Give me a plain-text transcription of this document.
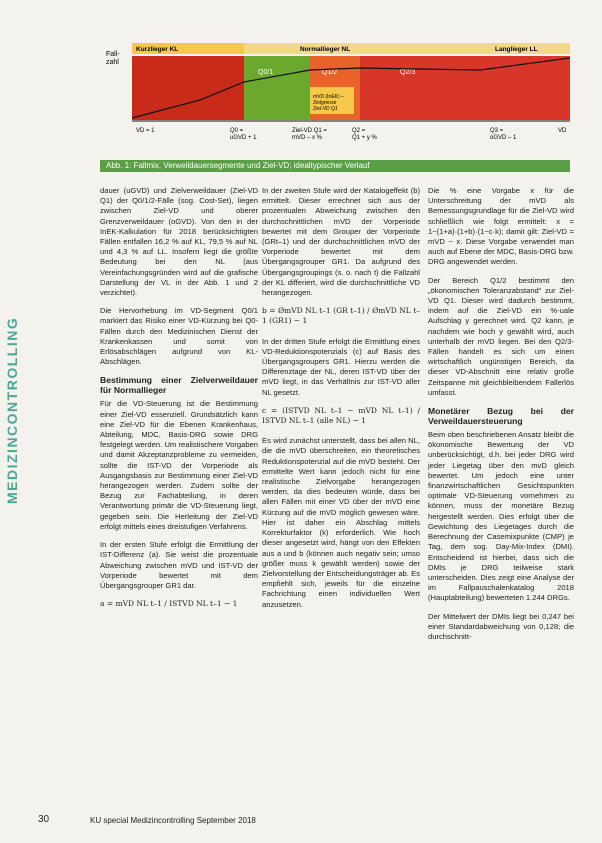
MEDIZINCONTROLLING
Fall-zahl
Kurzlieger KL	Normallieger NL	Langlieger LL
Q0/1	Q1/2	Q2/3
mVD (InEK) – Zielgrenze Ziel-VD Q1
VD = 1	Q0 = uGVD + 1
Ziel-VD Q1 = mVD – x %
Q2 = Q1 + y %
Q3 = oGVD – 1
VD
Abb. 1: Fallmix, Verweildauersegmente und Ziel-VD; idealtypischer Verlauf

dauer (uGVD) und Zielverweildauer (Ziel-VD Q1) der Q0/1/2-Fälle (sog. Cost-Set), liegen zwischen Ziel-VD und oberer Grenzverweildauer (oGVD). Von den in der InEK-Kalkulation für 2018 berücksichtigten Fällen entfallen 16,2 % auf KL, 79,5 % auf NL und 4,3 % auf LL. Insofern liegt die größte Bedeutung bei den NL (aus Vereinfachungsgründen wird auf die grafische Darstellung der VL in der Abb. 1 und 2 verzichtet).

Die Hervorhebung im VD-Segment Q0/1 markiert das Risiko einer VD-Kürzung bei Q0-Fällen durch den Medizinischen Dienst der Krankenkassen und somit von Erlösabschlägen aufgrund von KL-Abschlägen.

Bestimmung einer Zielverweildauer für Normallieger

Für die VD-Steuerung ist die Bestimmung einer Ziel-VD essenziell. Grundsätzlich kann eine Ziel-VD für die Ebenen Krankenhaus, Abteilung, MDC, Basis-DRG sowie DRG festgelegt werden. Um realistischere Vorgaben und damit Akzeptanzprobleme zu vermeiden, sollte die IST-VD der Vorperiode als Ausgangsbasis zur Bestimmung einer Ziel-VD herangezogen werden. Zudem sollte der Bezug zur Fachabteilung, in deren Verantwortung primär die VD-Steuerung liegt, gegeben sein. Die Herleitung der Ziel-VD erfolgt mittels eines dreistufigen Verfahrens.

In der ersten Stufe erfolgt die Ermittlung der IST-Differenz (a). Sie weist die prozentuale Abweichung zwischen mVD und IST-VD der Vorperiode bewertet mit dem Übergangsgrouper GR1 dar.

a = mVD NL t–1 / ISTVD NL t–1 − 1

In der zweiten Stufe wird der Katalogeffekt (b) ermittelt. Dieser errechnet sich aus der prozentualen Abweichung zwischen den durchschnittlichen mVD der Vorperiode bewertet mit dem Grouper der Vorperiode (GRt–1) und der durchschnittlichen mVD der Vorperiode bewertet mit dem Übergangsgrouper GR1. Da aufgrund des Übergangsgroupings (s. o. nach t) die Fallzahl der KL differiert, wird die durchschnittliche VD herangezogen.

b = ØmVD NL t–1 (GR t–1) / ØmVD NL t–1 (GR1) − 1

In der dritten Stufe erfolgt die Ermittlung eines VD-Reduktionspotenzials (c) auf Basis des Übergangsgroupers GR1. Hierzu werden die Differenztage der NL, deren IST-VD über der mVD liegt, in das Verhältnis zur IST-VD aller NL gesetzt.

c = (ISTVD NL t–1 − mVD NL t–1) / ISTVD NL t–1 (alle NL) − 1

Es wird zunächst unterstellt, dass bei allen NL, die die mVD überschreiten, ein theoretisches Reduktionspotenzial auf die mVD besteht. Der ermittelte Wert kann jedoch nicht für eine realistische Zielvorgabe herangezogen werden, da dies bedeuten würde, dass bei allen Fällen mit einer VD über der mVD eine Kürzung auf die mVD möglich gewesen wäre. Hier ist daher ein Abschlag mittels Korrekturfaktor (k) erforderlich. Wie hoch dieser angesetzt wird, hängt von den Effekten aus a und b (können auch negativ sein; umso größer muss k gewählt werden) sowie der Zielvorstellung der Entscheidungsträger ab. Es empfiehlt sich, jeweils für die einzelne Fachrichtung einen individuellen Wert anzusetzen.

Die % eine Vorgabe x für die Unterschreitung der mVD als Bemessungsgrundlage für die Ziel-VD wird schließlich wie folgt ermittelt: x = 1−(1+a)·(1+b)·(1−c·k); damit gilt: Ziel-VD = mVD − x. Diese Vorgabe verwendet man auch auf Ebene der MDC, Basis-DRG bzw. DRG angewendet werden.

Der Bereich Q1/2 bestimmt den „ökonomischen Toleranzabstand“ zur Ziel-VD Q1. Dieser wird dadurch bestimmt, indem auf die Ziel-VD ein %-uale Aufschlag y gerechnet wird. Q2 kann, je nachdem wie hoch y gewählt wird, auch unterhalb der mVD liegen. Bei den Q2/3-Fällen handelt es sich um einen wirtschaftlich ungünstigen Bereich, da dieser VD-Abschnitt eine relativ große Zeitspanne mit gleichbleibendem Fallerlös umfasst.

Monetärer Bezug bei der Verweildauersteuerung

Beim oben beschriebenen Ansatz bleibt die ökonomische Bewertung der VD unberücksichtigt, d.h. bei jeder DRG wird jeder Liegetag über den mvD gleich bewertet. Um jedoch eine unter finanzwirtschaftlichen Gesichtspunkten optimale VD-Steuerung vornehmen zu können, muss der monetäre Bezug hergestellt werden. Dies erfolgt über die Gewichtung des Liegetages durch die Berechnung der Casemixpunkte (CMP) je Tag, dem sog. Day-Mix-Index (DMI). Entscheidend ist hierbei, dass sich die DMIs je DRG teilweise stark unterscheiden. Dies zeigt eine Analyse der im Fallpauschalenkatalog 2018 (Hauptabteilung) bewerteten 1.244 DRGs.

Der Mittelwert der DMIs liegt bei 0,247 bei einer Standardabweichung von 0,128; die durchschnitt-

30	KU special Medizincontrolling September 2018
